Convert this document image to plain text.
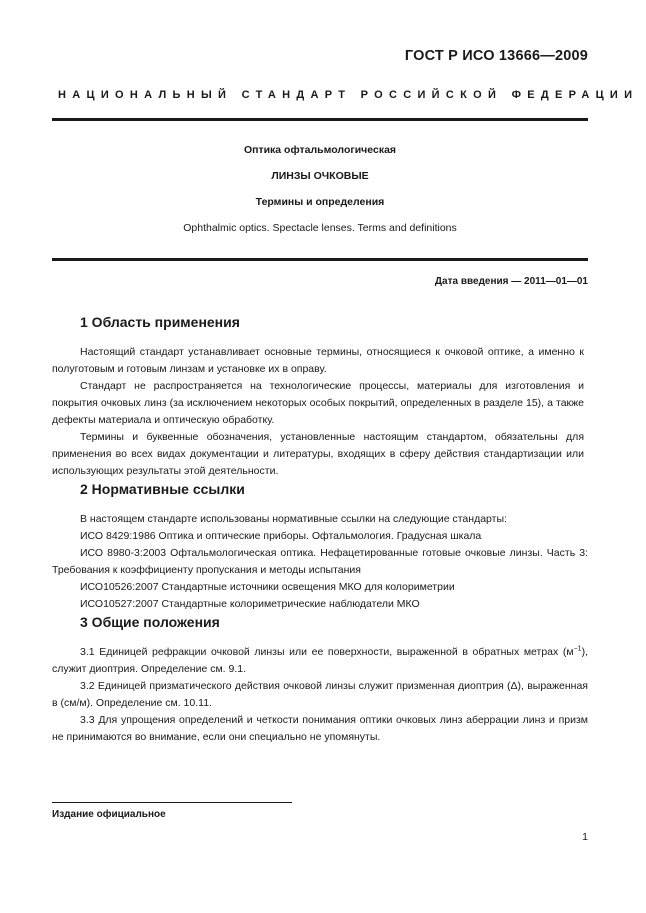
ГОСТ Р ИСО 13666—2009
НАЦИОНАЛЬНЫЙ СТАНДАРТ РОССИЙСКОЙ ФЕДЕРАЦИИ
Оптика офтальмологическая
ЛИНЗЫ ОЧКОВЫЕ
Термины и определения
Ophthalmic optics. Spectacle lenses. Terms and definitions
Дата введения — 2011—01—01
1 Область применения

Настоящий стандарт устанавливает основные термины, относящиеся к очковой оптике, а именно к полуготовым и готовым линзам и установке их в оправу.

Стандарт не распространяется на технологические процессы, материалы для изготовления и покрытия очковых линз (за исключением некоторых особых покрытий, определенных в разделе 15), а также дефекты материала и оптическую обработку.

Термины и буквенные обозначения, установленные настоящим стандартом, обязательны для применения во всех видах документации и литературы, входящих в сферу действия стандартизации или использующих результаты этой деятельности.

2 Нормативные ссылки

В настоящем стандарте использованы нормативные ссылки на следующие стандарты:

ИСО 8429:1986 Оптика и оптические приборы. Офтальмология. Градусная шкала

ИСО 8980-3:2003 Офтальмологическая оптика. Нефацетированные готовые очковые линзы. Часть 3: Требования к коэффициенту пропускания и методы испытания

ИСО10526:2007 Стандартные источники освещения МКО для колориметрии

ИСО10527:2007 Стандартные колориметрические наблюдатели МКО

3 Общие положения

3.1 Единицей рефракции очковой линзы или ее поверхности, выраженной в обратных метрах $(м^{-1})$, служит диоптрия. Определение см. 9.1.

3.2 Единицей призматического действия очковой линзы служит призменная диоптрия (Δ), выраженная в (см/м). Определение см. 10.11.

3.3 Для упрощения определений и четкости понимания оптики очковых линз аберрации линз и призм не принимаются во внимание, если они специально не упомянуты.

Издание официальное
1
